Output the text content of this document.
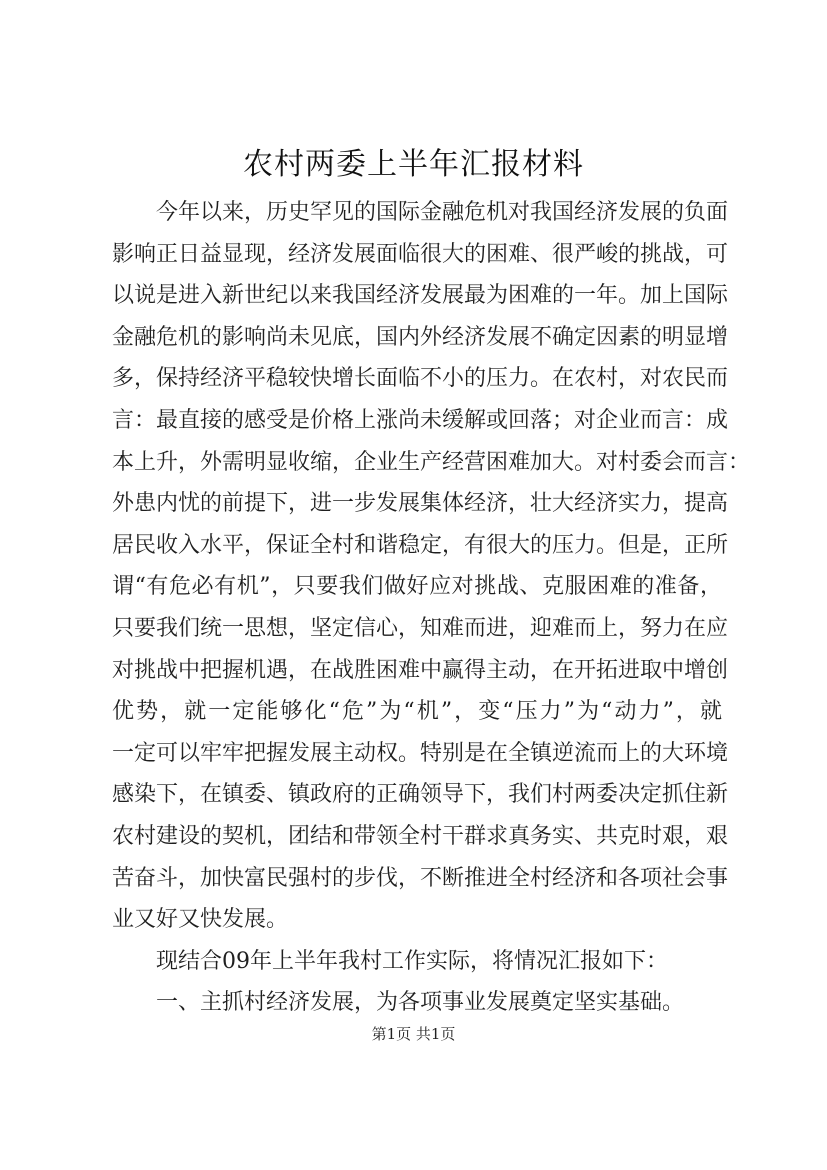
农村两委上半年汇报材料
今年以来，历史罕见的国际金融危机对我国经济发展的负面
影响正日益显现，经济发展面临很大的困难、很严峻的挑战，可
以说是进入新世纪以来我国经济发展最为困难的一年。加上国际
金融危机的影响尚未见底，国内外经济发展不确定因素的明显增
多，保持经济平稳较快增长面临不小的压力。在农村，对农民而
言：最直接的感受是价格上涨尚未缓解或回落；对企业而言：成
本上升，外需明显收缩，企业生产经营困难加大。对村委会而言：
外患内忧的前提下，进一步发展集体经济，壮大经济实力，提高
居民收入水平，保证全村和谐稳定，有很大的压力。但是，正所
谓“有危必有机”，只要我们做好应对挑战、克服困难的准备，
只要我们统一思想，坚定信心，知难而进，迎难而上，努力在应
对挑战中把握机遇，在战胜困难中赢得主动，在开拓进取中增创
优势，就一定能够化“危”为“机”，变“压力”为“动力”，就
一定可以牢牢把握发展主动权。特别是在全镇逆流而上的大环境
感染下，在镇委、镇政府的正确领导下，我们村两委决定抓住新
农村建设的契机，团结和带领全村干群求真务实、共克时艰，艰
苦奋斗，加快富民强村的步伐，不断推进全村经济和各项社会事
业又好又快发展。
现结合09年上半年我村工作实际，将情况汇报如下：
一、主抓村经济发展，为各项事业发展奠定坚实基础。
第1页 共1页
